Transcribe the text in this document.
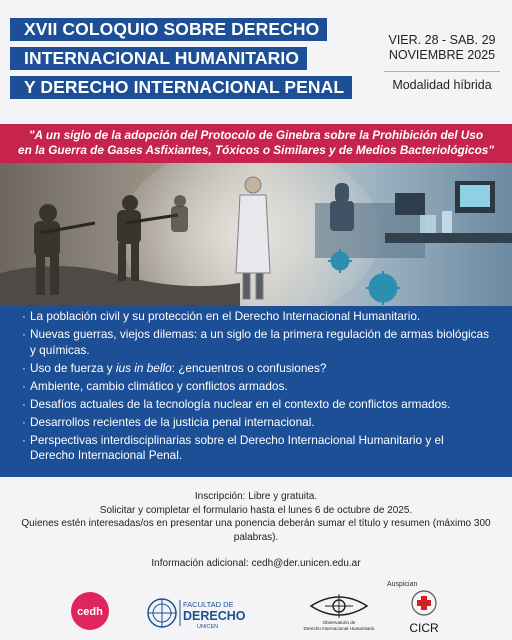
XVII COLOQUIO SOBRE DERECHO
INTERNACIONAL HUMANITARIO
Y DERECHO INTERNACIONAL PENAL
VIER. 28 - SAB. 29
NOVIEMBRE 2025
Modalidad híbrida
"A un siglo de la adopción del Protocolo de Ginebra sobre la Prohibición del Uso
en la Guerra de Gases Asfixiantes, Tóxicos o Similares y de Medios Bacteriológicos"
· La población civil y su protección en el Derecho Internacional Humanitario.
· Nuevas guerras, viejos dilemas: a un siglo de la primera regulación de armas biológicas y químicas.
· Uso de fuerza y ius in bello: ¿encuentros o confusiones?
· Ambiente, cambio climático y conflictos armados.
· Desafíos actuales de la tecnología nuclear en el contexto de conflictos armados.
· Desarrollos recientes de la justicia penal internacional.
· Perspectivas interdisciplinarias sobre el Derecho Internacional Humanitario y el Derecho Internacional Penal.
Inscripción: Libre y gratuita.
Solicitar y completar el formulario hasta el lunes 6 de octubre de 2025.
Quienes estén interesadas/os en presentar una ponencia deberán sumar el título y resumen (máximo 300 palabras).
Información adicional: cedh@der.unicen.edu.ar
Auspician
cedh
FACULTAD DE
DERECHO
UNICEN
Observatorio de
Derecho Internacional Humanitario	CICR
